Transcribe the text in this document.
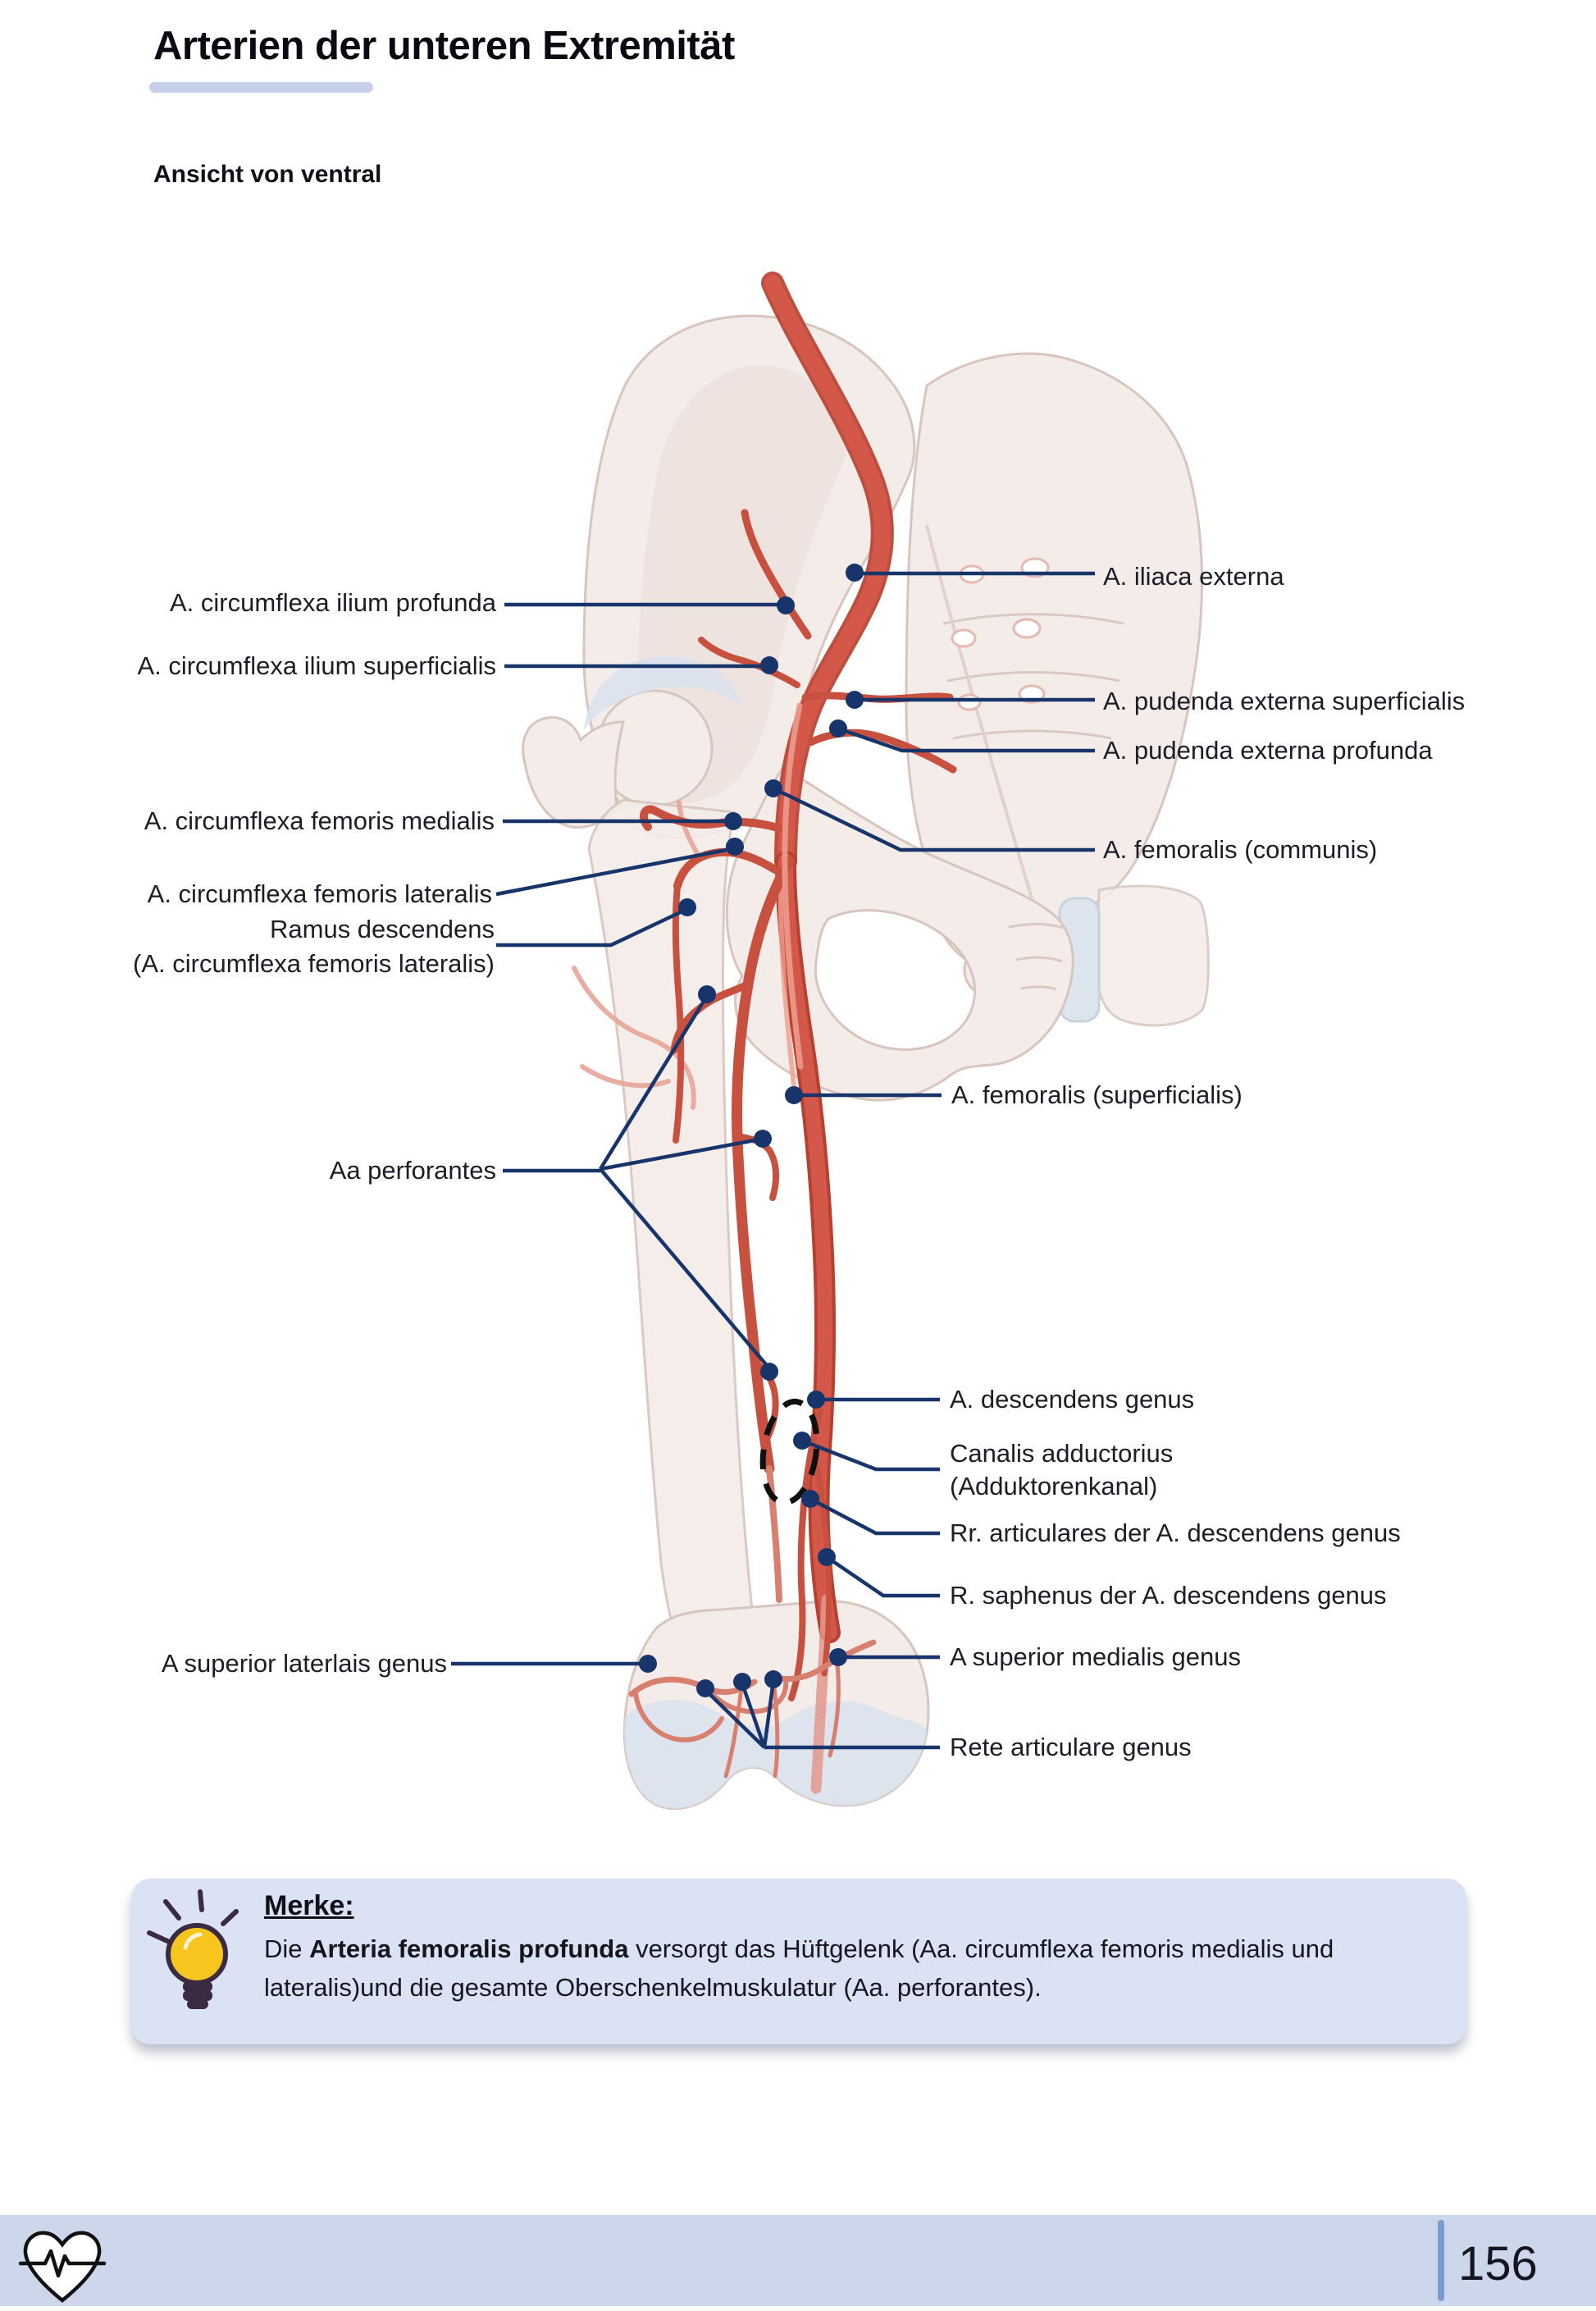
Arterien der unteren Extremität
Ansicht von ventral
A. circumflexa ilium profunda
A. circumflexa ilium superficialis
A. circumflexa femoris medialis
A. circumflexa femoris lateralis
Ramus descendens
(A. circumflexa femoris lateralis)
Aa perforantes
A superior laterlais genus
A. iliaca externa
A. pudenda externa superficialis
A. pudenda externa profunda
A. femoralis (communis)
A. femoralis (superficialis)
A. descendens genus
Canalis adductorius
(Adduktorenkanal)
Rr. articulares der A. descendens genus
R. saphenus der A. descendens genus
A superior medialis genus
Rete articulare genus
Merke:
Die Arteria femoralis profunda versorgt das Hüftgelenk (Aa. circumflexa femoris medialis und lateralis)und die gesamte Oberschenkelmuskulatur (Aa. perforantes).
156
